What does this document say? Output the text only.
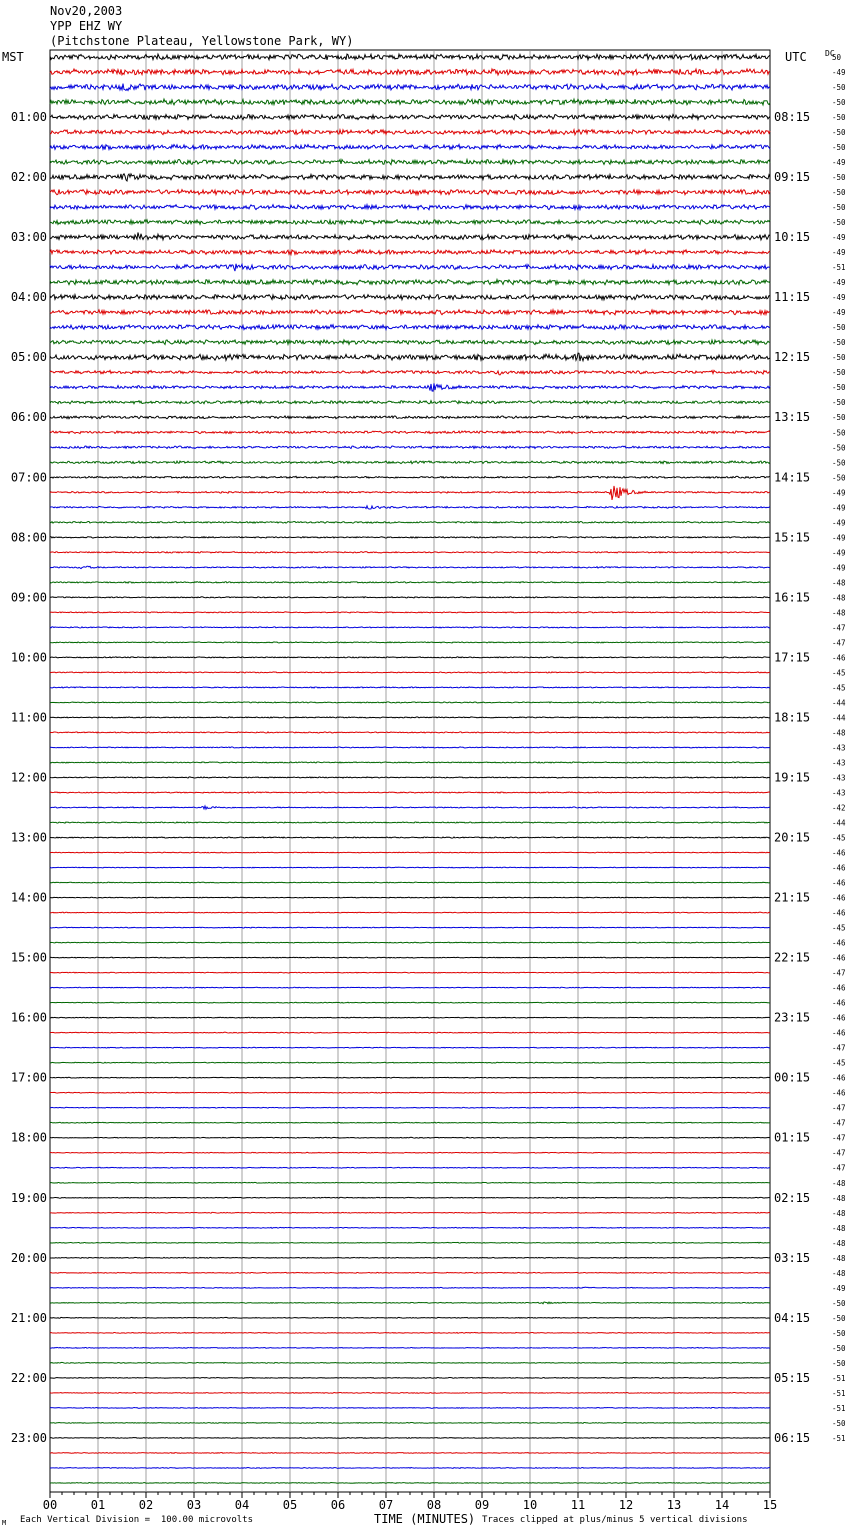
00	01	02	03	04	05	06	07	08	09	10	11	12	13	14	15
01:00
02:00
03:00
04:00
05:00
06:00
07:00
08:00
09:00
10:00
11:00
12:00
13:00
14:00
15:00
16:00
17:00
18:00
19:00
20:00
21:00
22:00
23:00
08:15
09:15
10:15
11:15
12:15
13:15
14:15
15:15
16:15
17:15
18:15
19:15
20:15
21:15
22:15
23:15
00:15
01:15
02:15
03:15
04:15
05:15
06:15
50
-49
-50
-50
-50
-50
-50
-49
-50
-50
-50
-50
-49
-49
-51
-49
-49
-49
-50
-50
-50
-50
-50
-50
-50
-50
-50
-50
-50
-49
-49
-49
-49
-49
-49
-48
-48
-48
-47
-47
-46
-45
-45
-44
-44
-48
-43
-43
-43
-43
-42
-44
-45
-46
-46
-46
-46
-46
-45
-46
-46
-47
-46
-46
-46
-46
-47
-45
-46
-46
-47
-47
-47
-47
-47
-48
-48
-48
-48
-48
-48
-48
-49
-50
-50
-50
-50
-50
-51
-51
-51
-50
-51
Nov20,2003
YPP EHZ WY
(Pitchstone Plateau, Yellowstone Park, WY)
MST	UTC DC
M Each Vertical Division =  100.00 microvolts	TIME (MINUTES) Traces clipped at plus/minus 5 vertical divisions
